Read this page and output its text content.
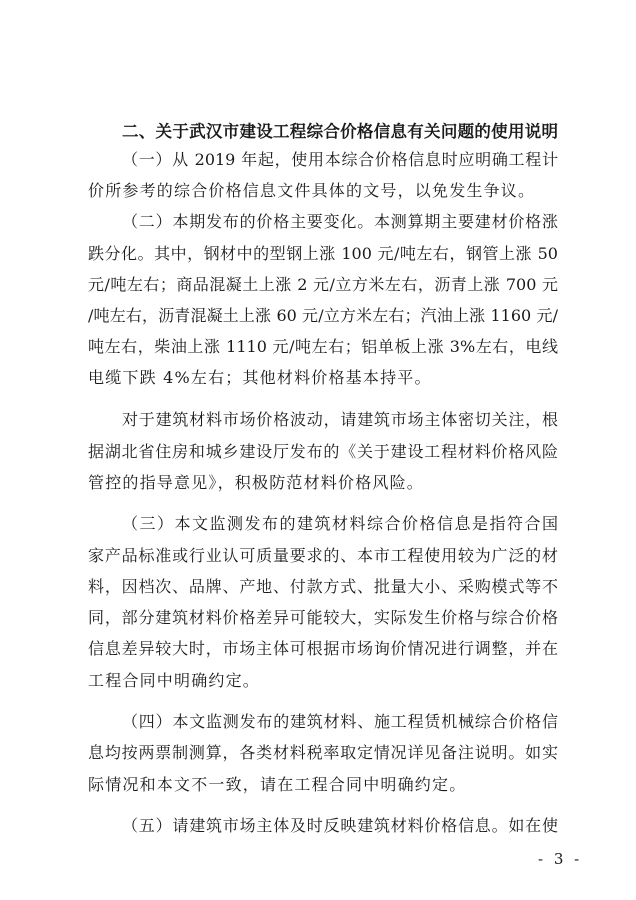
二、关于武汉市建设工程综合价格信息有关问题的使用说明
（一）从 2019 年起，使用本综合价格信息时应明确工程计
价所参考的综合价格信息文件具体的文号，以免发生争议。
（二）本期发布的价格主要变化。本测算期主要建材价格涨
跌分化。其中，钢材中的型钢上涨 100 元/吨左右，钢管上涨 50
元/吨左右；商品混凝土上涨 2 元/立方米左右，沥青上涨 700 元
/吨左右，沥青混凝土上涨 60 元/立方米左右；汽油上涨 1160 元/
吨左右，柴油上涨 1110 元/吨左右；铝单板上涨 3%左右，电线
电缆下跌 4%左右；其他材料价格基本持平。
对于建筑材料市场价格波动，请建筑市场主体密切关注，根
据湖北省住房和城乡建设厅发布的《关于建设工程材料价格风险
管控的指导意见》，积极防范材料价格风险。
（三）本文监测发布的建筑材料综合价格信息是指符合国
家产品标准或行业认可质量要求的、本市工程使用较为广泛的材
料，因档次、品牌、产地、付款方式、批量大小、采购模式等不
同，部分建筑材料价格差异可能较大，实际发生价格与综合价格
信息差异较大时，市场主体可根据市场询价情况进行调整，并在
工程合同中明确约定。
（四）本文监测发布的建筑材料、施工程赁机械综合价格信
息均按两票制测算，各类材料税率取定情况详见备注说明。如实
际情况和本文不一致，请在工程合同中明确约定。
（五）请建筑市场主体及时反映建筑材料价格信息。如在使
- 3 -
